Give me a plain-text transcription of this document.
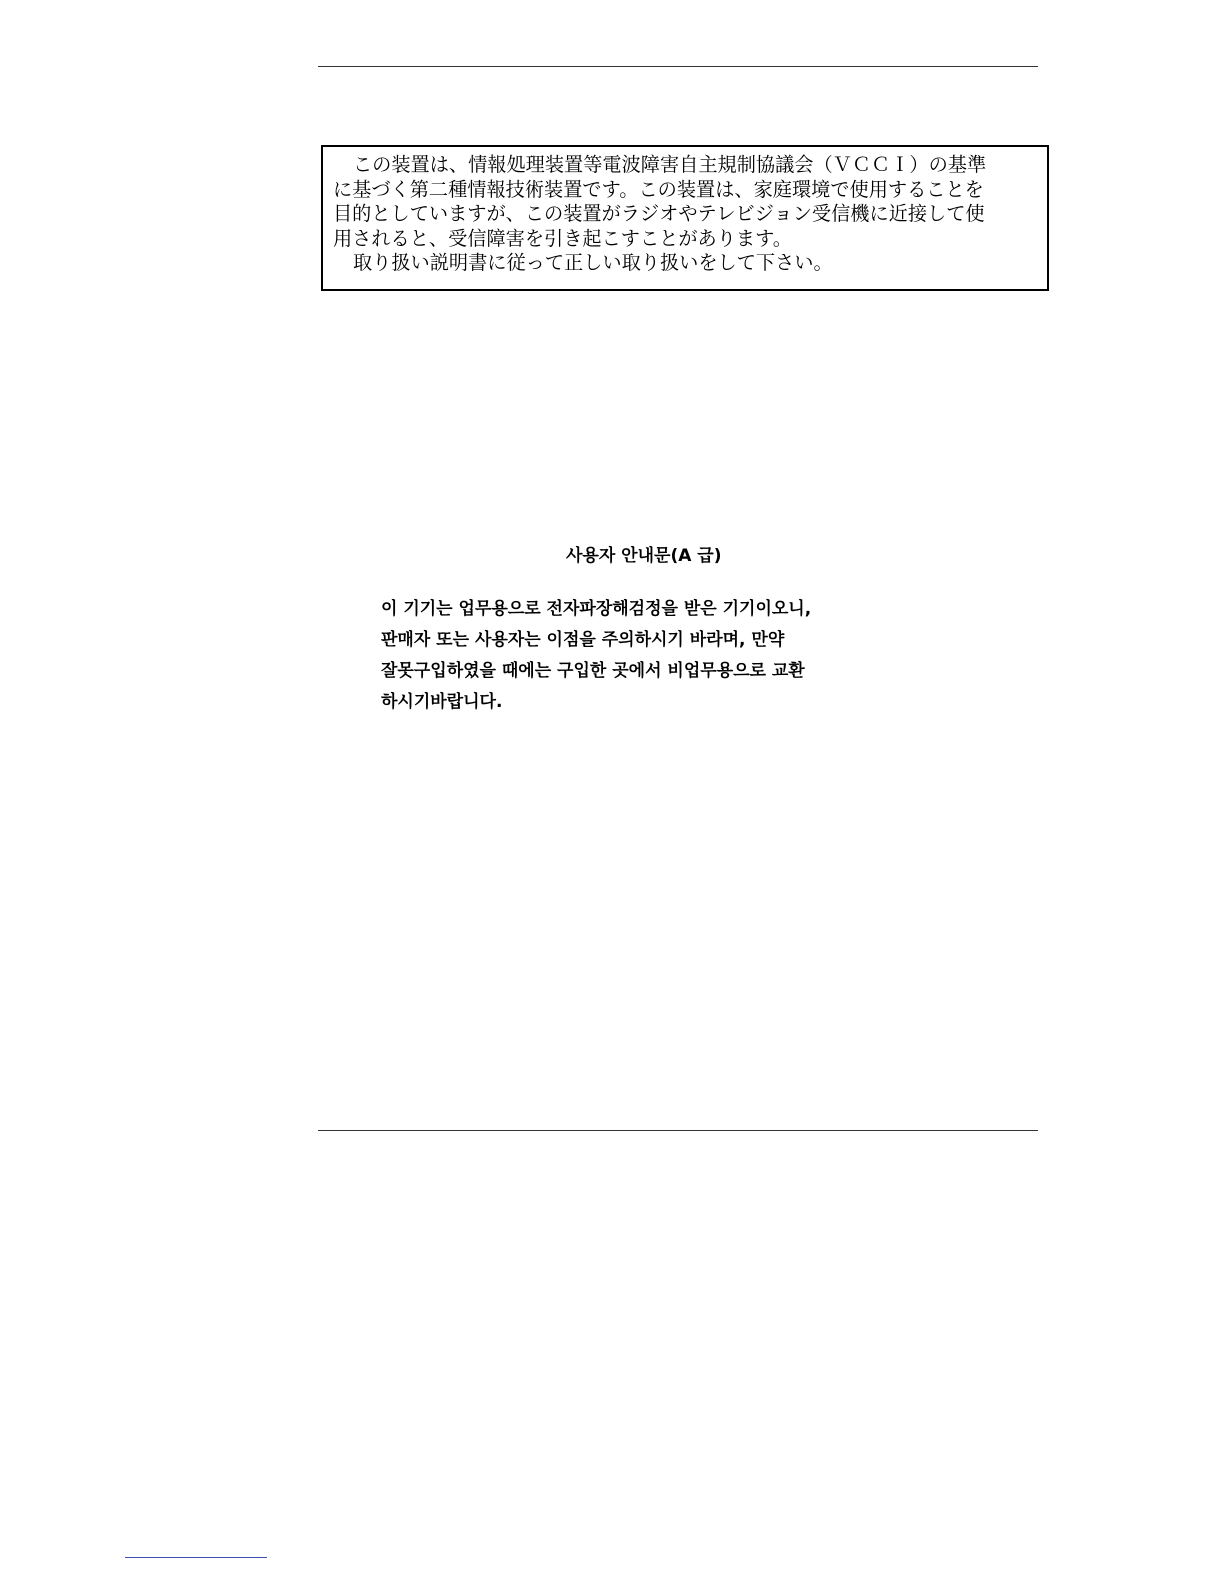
この装置は、情報処理装置等電波障害自主規制協議会（ＶＣＣＩ）の基準
に基づく第二種情報技術装置です。この装置は、家庭環境で使用することを
目的としていますが、この装置がラジオやテレビジョン受信機に近接して使
用されると、受信障害を引き起こすことがあります。
取り扱い説明書に従って正しい取り扱いをして下さい。
사용자 안내문(A 급)
이 기기는 업무용으로 전자파장해검정을 받은 기기이오니,
판매자 또는 사용자는 이점을 주의하시기 바라며, 만약
잘못구입하였을 때에는 구입한 곳에서 비업무용으로 교환
하시기바랍니다.
